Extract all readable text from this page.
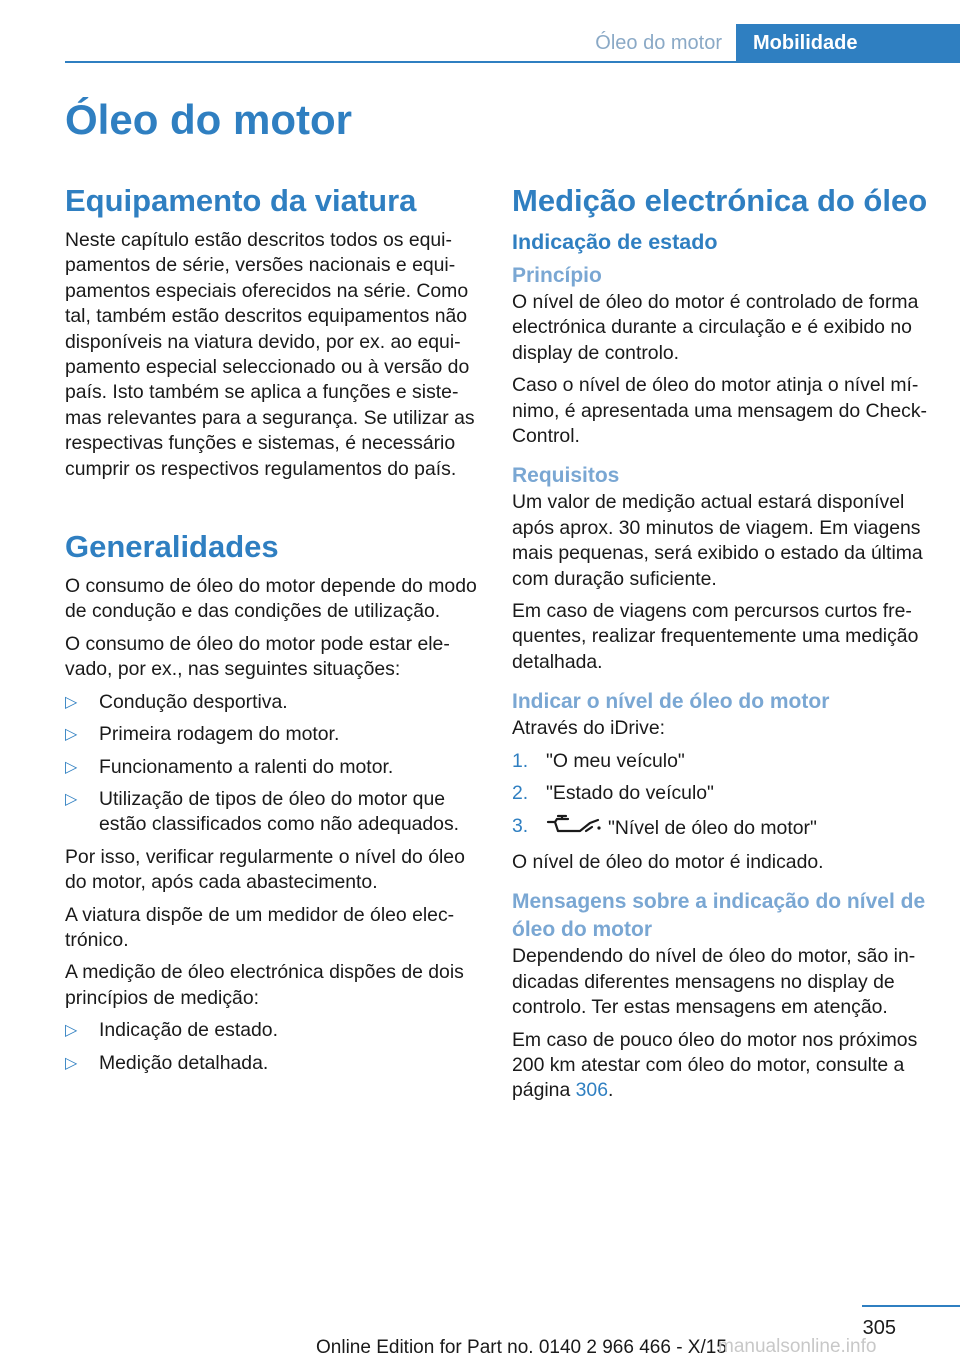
Óleo do motor	Mobilidade
Óleo do motor
Equipamento da viatura

Neste capítulo estão descritos todos os equipamentos de série, versões nacionais e equipamentos especiais oferecidos na série. Como tal, também estão descritos equipamentos não disponíveis na viatura devido, por ex. ao equipamento especial seleccionado ou à versão do país. Isto também se aplica a funções e sistemas relevantes para a segurança. Se utilizar as respectivas funções e sistemas, é necessário cumprir os respectivos regulamentos do país.

Generalidades

O consumo de óleo do motor depende do modo de condução e das condições de utilização.

O consumo de óleo do motor pode estar elevado, por ex., nas seguintes situações:

▷ Condução desportiva.
▷ Primeira rodagem do motor.
▷ Funcionamento a ralenti do motor.
▷ Utilização de tipos de óleo do motor que estão classificados como não adequados.

Por isso, verificar regularmente o nível do óleo do motor, após cada abastecimento.

A viatura dispõe de um medidor de óleo electrónico.

A medição de óleo electrónica dispões de dois princípios de medição:

▷ Indicação de estado.
▷ Medição detalhada.
Medição electrónica do óleo
Indicação de estado
Princípio

O nível de óleo do motor é controlado de forma electrónica durante a circulação e é exibido no display de controlo.

Caso o nível de óleo do motor atinja o nível mínimo, é apresentada uma mensagem do Check-Control.

Requisitos

Um valor de medição actual estará disponível após aprox. 30 minutos de viagem. Em viagens mais pequenas, será exibido o estado da última com duração suficiente.

Em caso de viagens com percursos curtos frequentes, realizar frequentemente uma medição detalhada.

Indicar o nível de óleo do motor

Através do iDrive:

1. "O meu veículo"
2. "Estado do veículo"
3.	"Nível de óleo do motor"

O nível de óleo do motor é indicado.

Mensagens sobre a indicação do nível de óleo do motor

Dependendo do nível de óleo do motor, são indicadas diferentes mensagens no display de controlo. Ter estas mensagens em atenção.

Em caso de pouco óleo do motor nos próximos 200 km atestar com óleo do motor, consulte a página 306.

305
Online Edition for Part no. 0140 2 966 466 - X/15
manualsonline.info
